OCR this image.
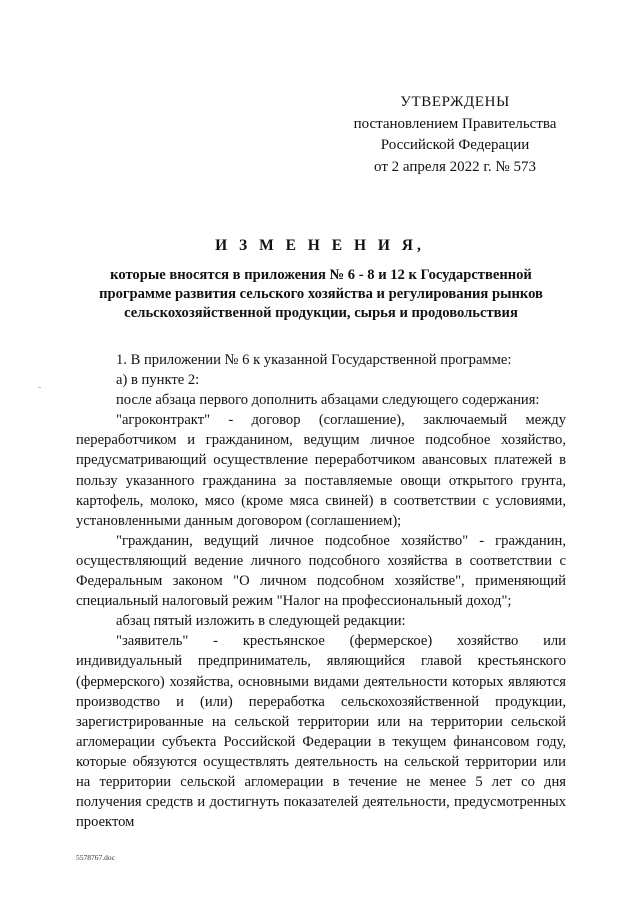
УТВЕРЖДЕНЫ
постановлением Правительства
Российской Федерации
от 2 апреля 2022 г. № 573
И З М Е Н Е Н И Я,
которые вносятся в приложения № 6 - 8 и 12 к Государственной программе развития сельского хозяйства и регулирования рынков сельскохозяйственной продукции, сырья и продовольствия

1. В приложении № 6 к указанной Государственной программе:

а) в пункте 2:

после абзаца первого дополнить абзацами следующего содержания:

"агроконтракт" - договор (соглашение), заключаемый между переработчиком и гражданином, ведущим личное подсобное хозяйство, предусматривающий осуществление переработчиком авансовых платежей в пользу указанного гражданина за поставляемые овощи открытого грунта, картофель, молоко, мясо (кроме мяса свиней) в соответствии с условиями, установленными данным договором (соглашением);

"гражданин, ведущий личное подсобное хозяйство" - гражданин, осуществляющий ведение личного подсобного хозяйства в соответствии с Федеральным законом "О личном подсобном хозяйстве", применяющий специальный налоговый режим "Налог на профессиональный доход";

абзац пятый изложить в следующей редакции:

"заявитель" - крестьянское (фермерское) хозяйство или индивидуальный предприниматель, являющийся главой крестьянского (фермерского) хозяйства, основными видами деятельности которых являются производство и (или) переработка сельскохозяйственной продукции, зарегистрированные на сельской территории или на территории сельской агломерации субъекта Российской Федерации в текущем финансовом году, которые обязуются осуществлять деятельность на сельской территории или на территории сельской агломерации в течение не менее 5 лет со дня получения средств и достигнуть показателей деятельности, предусмотренных проектом

5578767.doc
